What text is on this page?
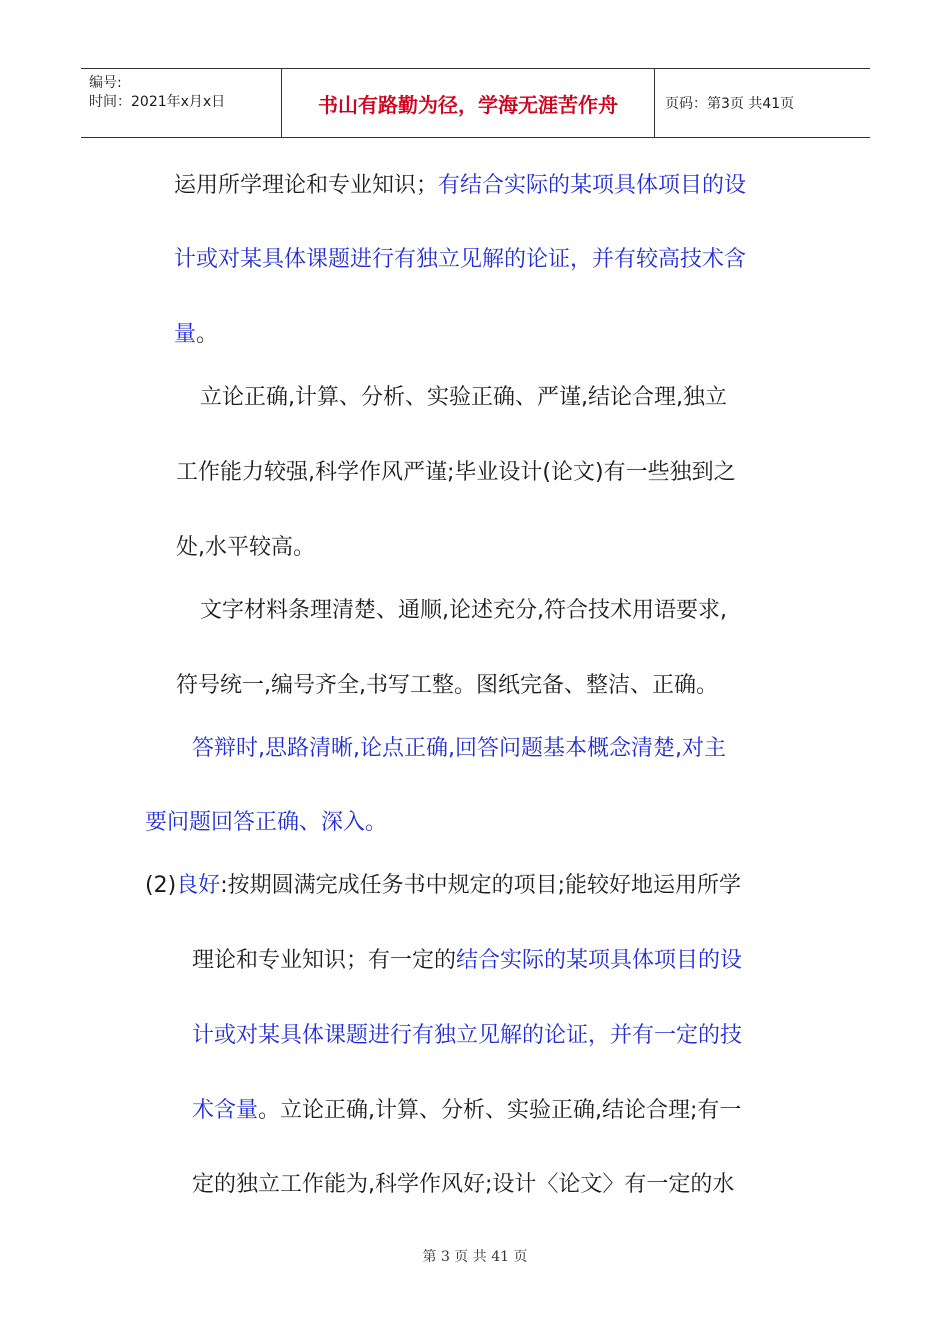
编号:
时间：2021年x月x日	书山有路勤为径，学海无涯苦作舟	页码：第3页 共41页
运用所学理论和专业知识；有结合实际的某项具体项目的设
计或对某具体课题进行有独立见解的论证，并有较高技术含
量。
立论正确,计算、分析、实验正确、严谨,结论合理,独立
工作能力较强,科学作风严谨;毕业设计(论文)有一些独到之
处,水平较高。
文字材料条理清楚、通顺,论述充分,符合技术用语要求,
符号统一,编号齐全,书写工整。图纸完备、整洁、正确。
答辩时,思路清晰,论点正确,回答问题基本概念清楚,对主
要问题回答正确、深入。
(2)良好:按期圆满完成任务书中规定的项目;能较好地运用所学
理论和专业知识；有一定的结合实际的某项具体项目的设
计或对某具体课题进行有独立见解的论证，并有一定的技
术含量。立论正确,计算、分析、实验正确,结论合理;有一
定的独立工作能为,科学作风好;设计〈论文〉有一定的水
第 3 页 共 41 页
